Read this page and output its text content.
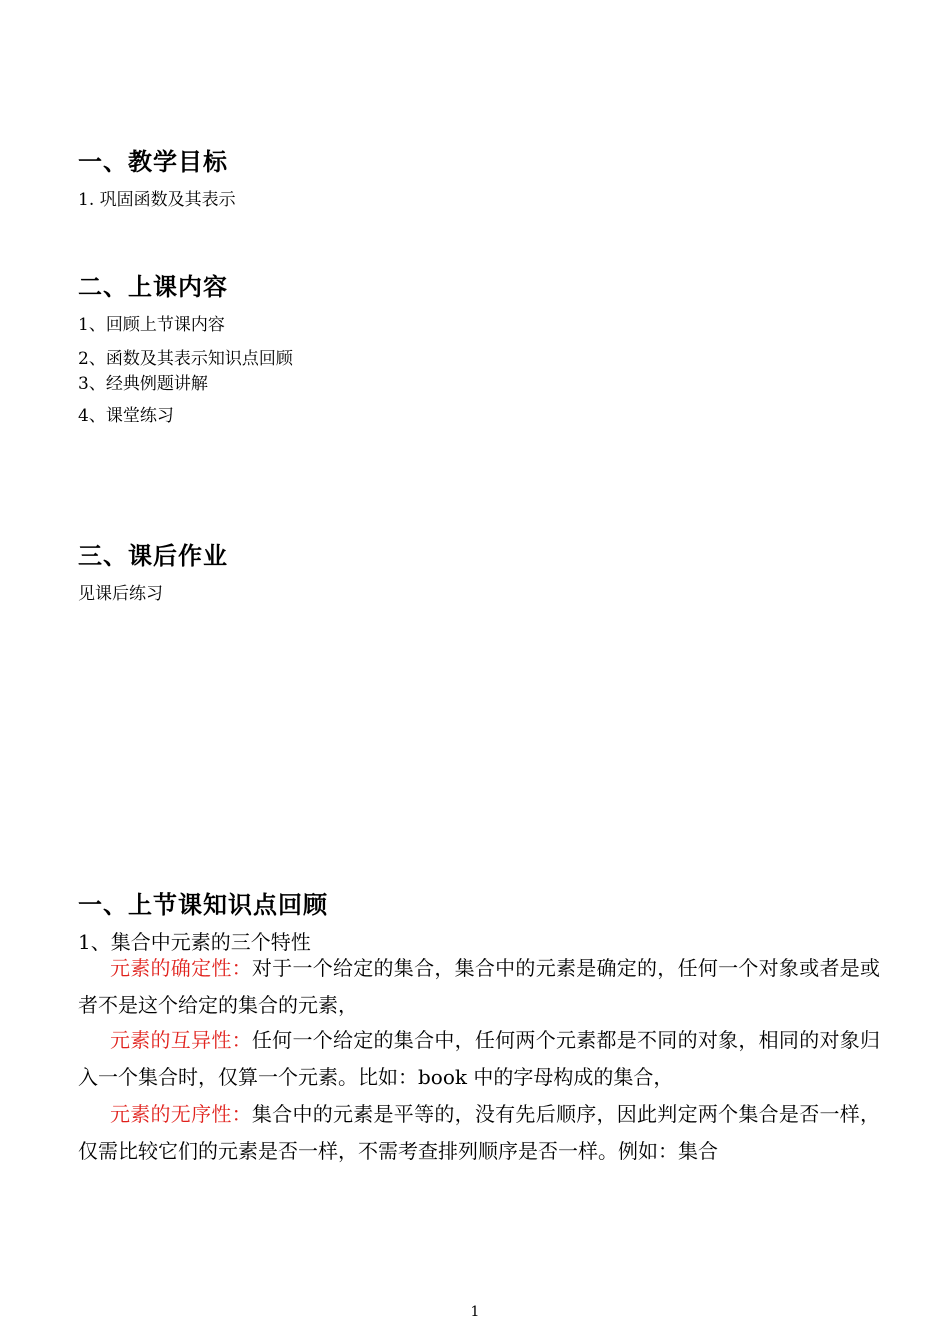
一、教学目标
1. 巩固函数及其表示
二、上课内容
1、回顾上节课内容
2、函数及其表示知识点回顾
3、经典例题讲解
4、课堂练习
三、课后作业
见课后练习
一、上节课知识点回顾
1、集合中元素的三个特性

元素的确定性：对于一个给定的集合，集合中的元素是确定的，任何一个对象或者是或者不是这个给定的集合的元素，

元素的互异性：任何一个给定的集合中，任何两个元素都是不同的对象，相同的对象归入一个集合时，仅算一个元素。比如：book 中的字母构成的集合，

元素的无序性：集合中的元素是平等的，没有先后顺序，因此判定两个集合是否一样，仅需比较它们的元素是否一样，不需考查排列顺序是否一样。例如：集合

1
